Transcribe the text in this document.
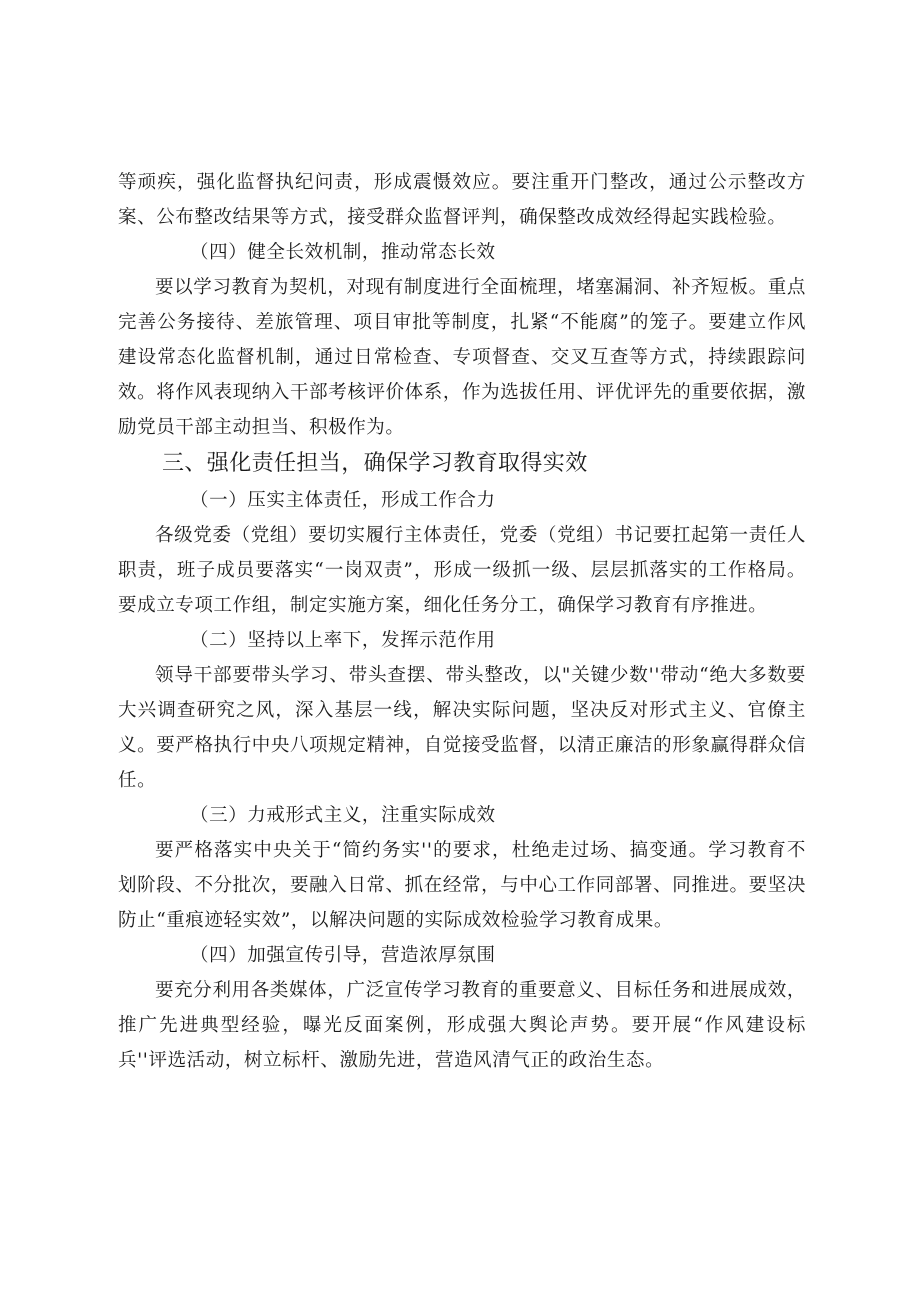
等顽疾，强化监督执纪问责，形成震慑效应。要注重开门整改，通过公示整改方案、公布整改结果等方式，接受群众监督评判，确保整改成效经得起实践检验。

（四）健全长效机制，推动常态长效

要以学习教育为契机，对现有制度进行全面梳理，堵塞漏洞、补齐短板。重点完善公务接待、差旅管理、项目审批等制度，扎紧“不能腐”的笼子。要建立作风建设常态化监督机制，通过日常检查、专项督查、交叉互查等方式，持续跟踪问效。将作风表现纳入干部考核评价体系，作为选拔任用、评优评先的重要依据，激励党员干部主动担当、积极作为。

三、强化责任担当，确保学习教育取得实效

（一）压实主体责任，形成工作合力

各级党委（党组）要切实履行主体责任，党委（党组）书记要扛起第一责任人职责，班子成员要落实“一岗双责”，形成一级抓一级、层层抓落实的工作格局。要成立专项工作组，制定实施方案，细化任务分工，确保学习教育有序推进。

（二）坚持以上率下，发挥示范作用

领导干部要带头学习、带头查摆、带头整改，以"关键少数''带动“绝大多数要大兴调查研究之风，深入基层一线，解决实际问题，坚决反对形式主义、官僚主义。要严格执行中央八项规定精神，自觉接受监督，以清正廉洁的形象赢得群众信任。

（三）力戒形式主义，注重实际成效

要严格落实中央关于“简约务实''的要求，杜绝走过场、搞变通。学习教育不划阶段、不分批次，要融入日常、抓在经常，与中心工作同部署、同推进。要坚决防止“重痕迹轻实效”，以解决问题的实际成效检验学习教育成果。

（四）加强宣传引导，营造浓厚氛围

要充分利用各类媒体，广泛宣传学习教育的重要意义、目标任务和进展成效，推广先进典型经验，曝光反面案例，形成强大舆论声势。要开展“作风建设标兵''评选活动，树立标杆、激励先进，营造风清气正的政治生态。
